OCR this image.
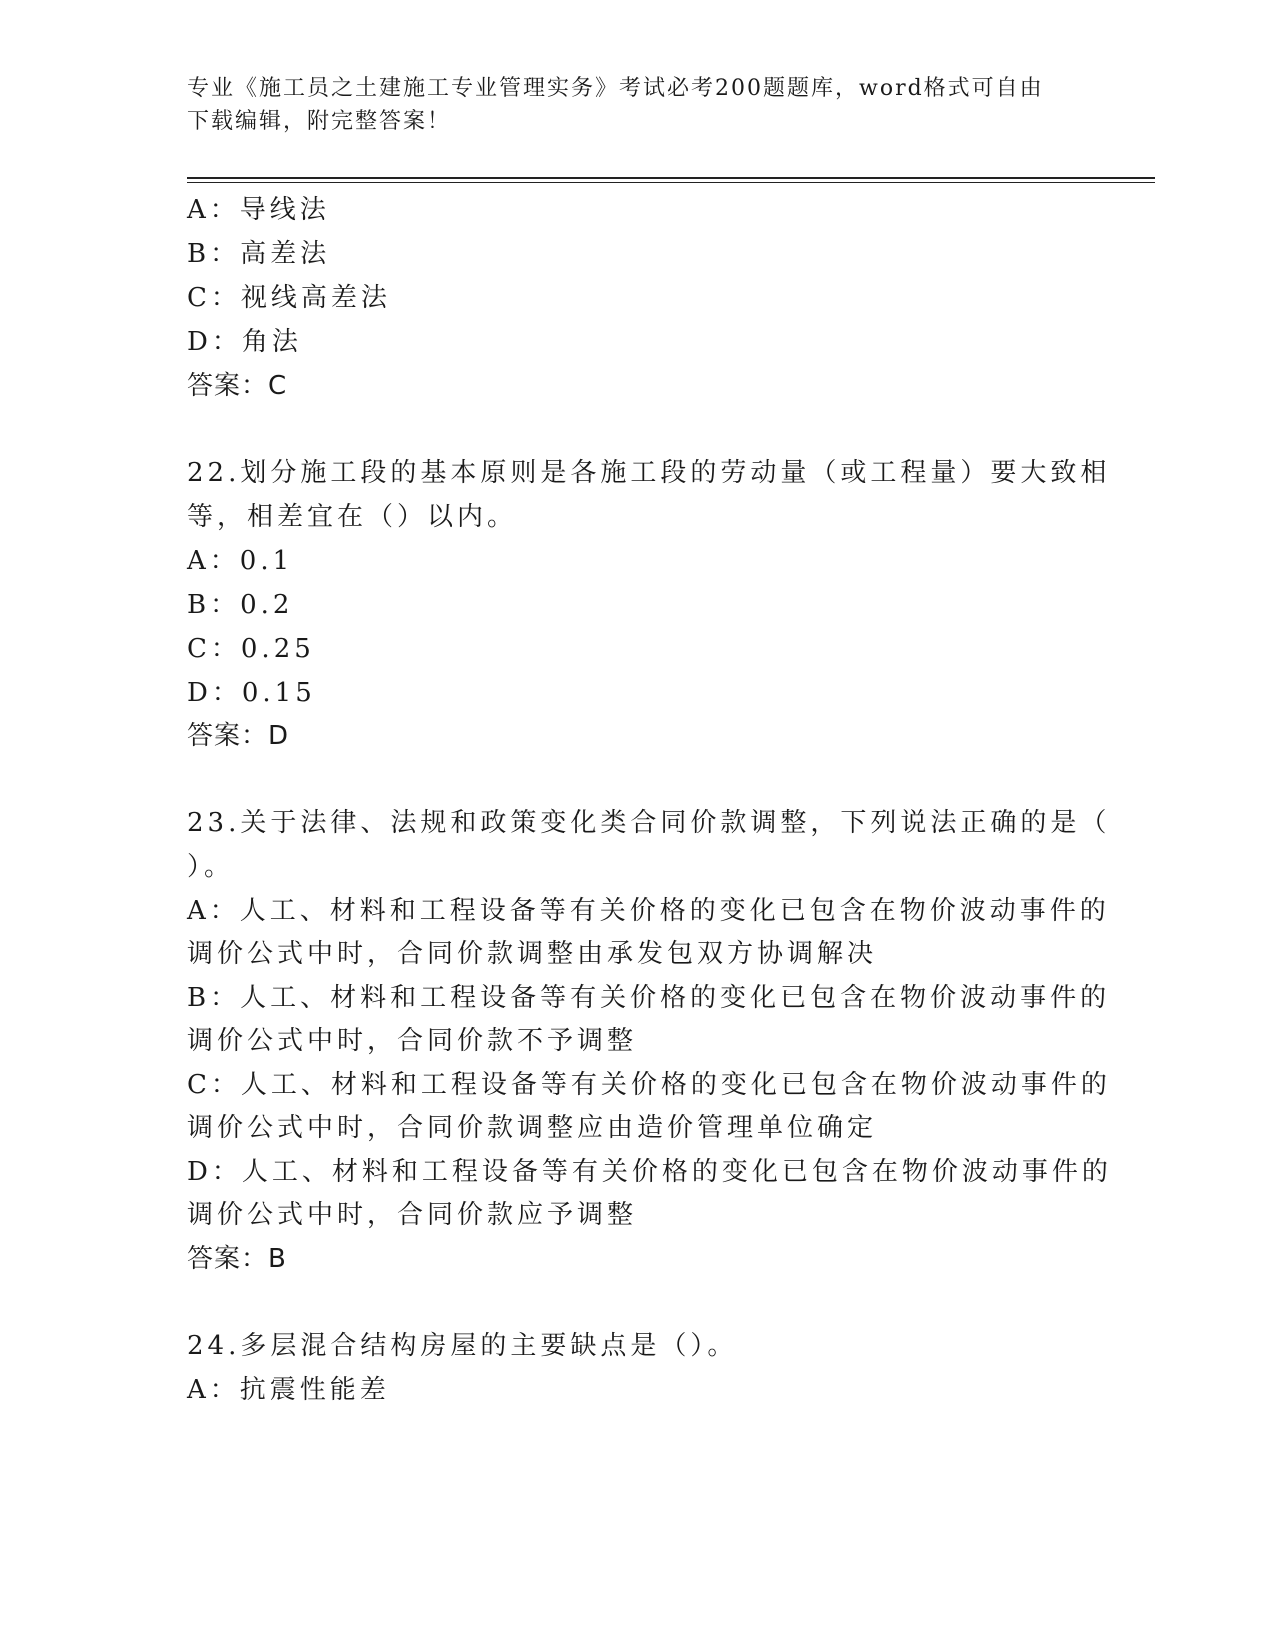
专业《施工员之土建施工专业管理实务》考试必考200题题库，word格式可自由
下载编辑，附完整答案！
A：导线法
B：高差法
C：视线高差法
D：角法
答案：C
22.划分施工段的基本原则是各施工段的劳动量（或工程量）要大致相
等，相差宜在（）以内。
A：0.1
B：0.2
C：0.25
D：0.15
答案：D
23.关于法律、法规和政策变化类合同价款调整，下列说法正确的是（
）。
A：人工、材料和工程设备等有关价格的变化已包含在物价波动事件的
调价公式中时，合同价款调整由承发包双方协调解决
B：人工、材料和工程设备等有关价格的变化已包含在物价波动事件的
调价公式中时，合同价款不予调整
C：人工、材料和工程设备等有关价格的变化已包含在物价波动事件的
调价公式中时，合同价款调整应由造价管理单位确定
D：人工、材料和工程设备等有关价格的变化已包含在物价波动事件的
调价公式中时，合同价款应予调整
答案：B
24.多层混合结构房屋的主要缺点是（）。
A：抗震性能差
